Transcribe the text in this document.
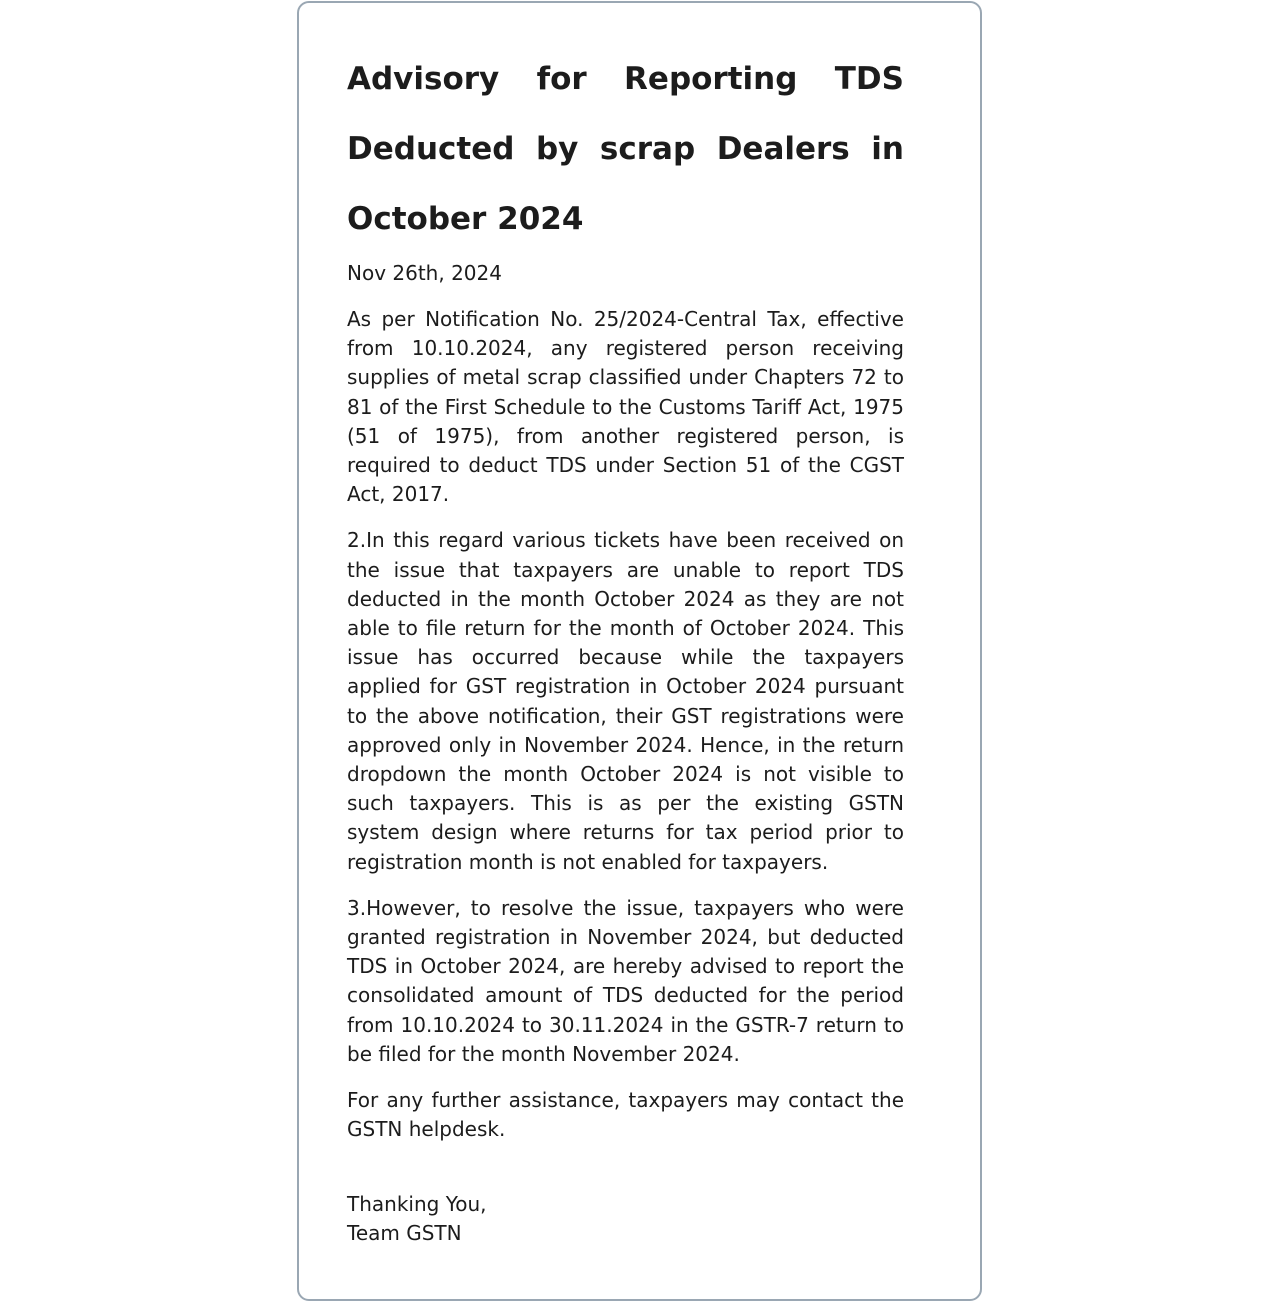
Advisory for Reporting TDS Deducted by scrap Dealers in October 2024
Nov 26th, 2024

As per Notification No. 25/2024-Central Tax, effective from 10.10.2024, any registered person receiving supplies of metal scrap classified under Chapters 72 to 81 of the First Schedule to the Customs Tariff Act, 1975 (51 of 1975), from another registered person, is required to deduct TDS under Section 51 of the CGST Act, 2017.

2.In this regard various tickets have been received on the issue that taxpayers are unable to report TDS deducted in the month October 2024 as they are not able to file return for the month of October 2024. This issue has occurred because while the taxpayers applied for GST registration in October 2024 pursuant to the above notification, their GST registrations were approved only in November 2024. Hence, in the return dropdown the month October 2024 is not visible to such taxpayers. This is as per the existing GSTN system design where returns for tax period prior to registration month is not enabled for taxpayers.

3.However, to resolve the issue, taxpayers who were granted registration in November 2024, but deducted TDS in October 2024, are hereby advised to report the consolidated amount of TDS deducted for the period from 10.10.2024 to 30.11.2024 in the GSTR-7 return to be filed for the month November 2024.

For any further assistance, taxpayers may contact the GSTN helpdesk.

Thanking You,
Team GSTN
